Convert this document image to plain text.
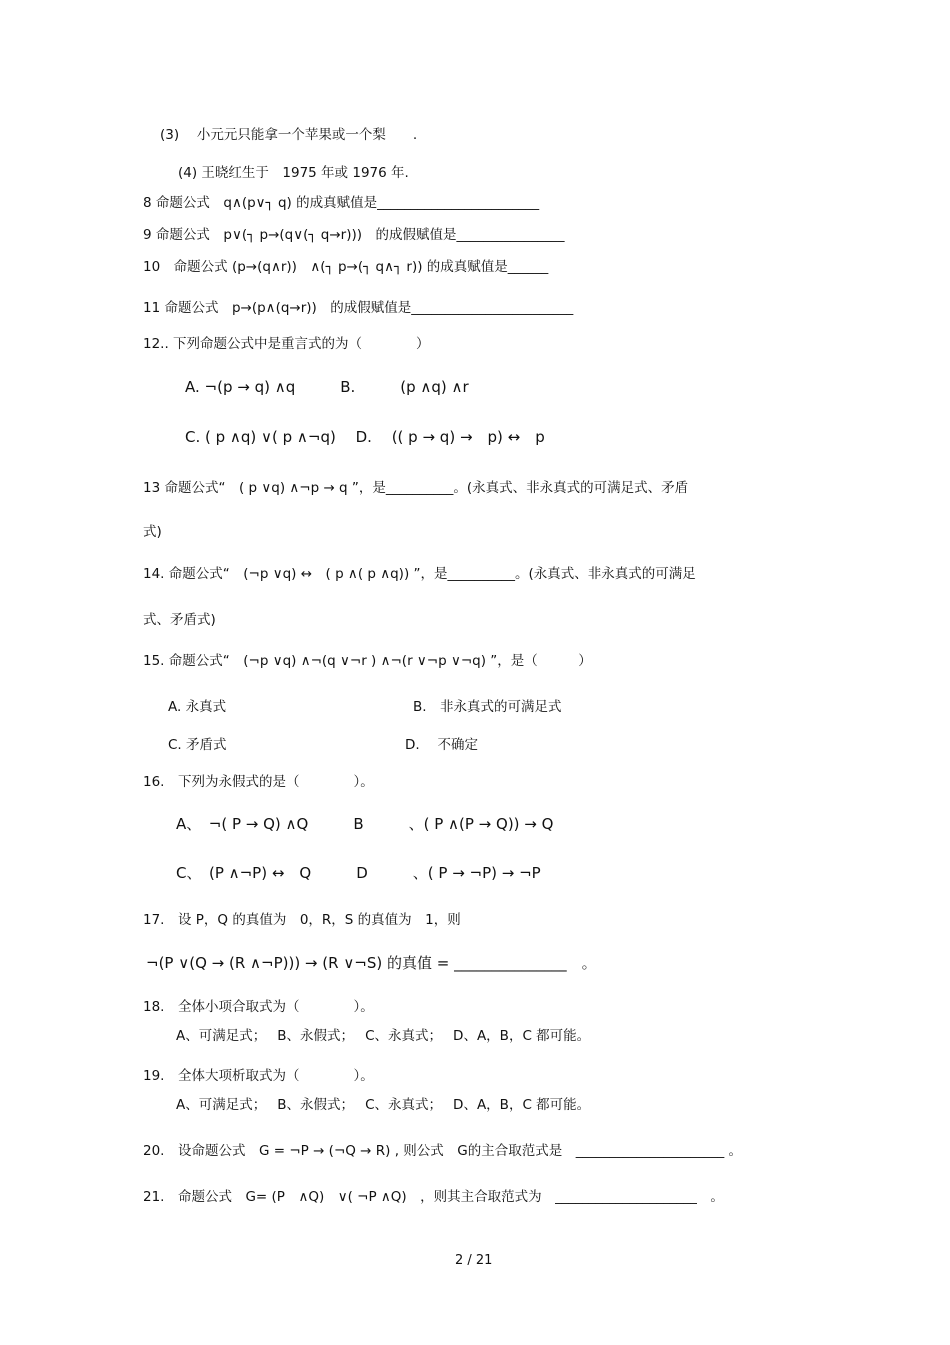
(3)　 小元元只能拿一个苹果或一个梨　　.
(4) 王晓红生于　1975 年或 1976 年.
8 命题公式　q∧(p∨┐ q) 的成真赋值是________________________
9 命题公式　p∨(┐ p→(q∨(┐ q→r)))　的成假赋值是________________
10　命题公式 (p→(q∧r))　∧(┐ p→(┐ q∧┐ r)) 的成真赋值是______
11 命题公式　p→(p∧(q→r))　的成假赋值是________________________
12.. 下列命题公式中是重言式的为（　　　　）
A. ¬(p → q) ∧q　　　B.　　　(p ∧q) ∧r
C. ( p ∧q) ∨( p ∧¬q)　 D.　 (( p → q) →　p) ↔　p
13 命题公式“　( p ∨q) ∧¬p → q ”，是__________。(永真式、非永真式的可满足式、矛盾
式)
14. 命题公式“　(¬p ∨q) ↔　( p ∧( p ∧q)) ”，是__________。(永真式、非永真式的可满足
式、矛盾式)
15. 命题公式“　(¬p ∨q) ∧¬(q ∨¬r ) ∧¬(r ∨¬p ∨¬q) ”，是（　　　）
A. 永真式	B.　非永真式的可满足式
C. 矛盾式	D.　 不确定
16.　下列为永假式的是（　　　　）。
A、　¬( P → Q) ∧Q　　　B　　　、( P ∧(P → Q)) → Q
C、　(P ∧¬P) ↔　Q　　　D　　　、( P → ¬P) → ¬P
17.　设 P，Q 的真值为　0，R，S 的真值为　1，则
¬(P ∨(Q → (R ∧¬P))) → (R ∨¬S) 的真值 = _______________　。
18.　全体小项合取式为（　　　　）。
A、可满足式；　 B、永假式；　 C、永真式；　 D、A，B，C 都可能。
19.　全体大项析取式为（　　　　）。
A、可满足式；　 B、永假式；　 C、永真式；　 D、A，B，C 都可能。
20.　设命题公式　G = ¬P → (¬Q → R) , 则公式　G的主合取范式是　______________________ 。
21.　命题公式　G= (P　∧Q)　∨( ¬P ∧Q)　，则其主合取范式为　_____________________　。
2 / 21
